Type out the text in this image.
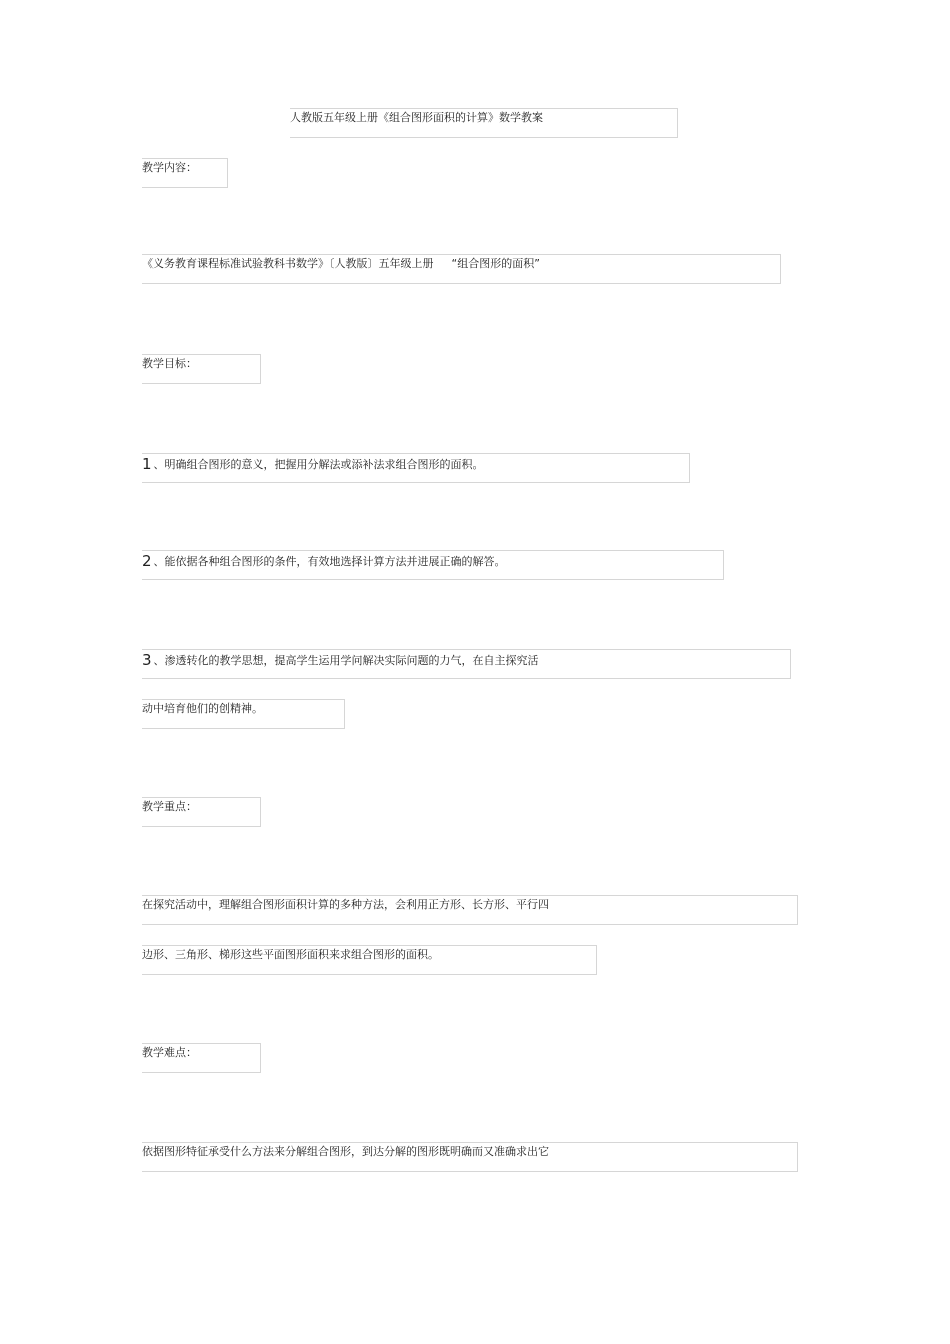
人教版五年级上册《组合图形面积的计算》数学教案
教学内容：
《义务教育课程标准试验教科书数学》〔人教版〕五年级上册 “组合图形的面积”
教学目标：
1 、明确组合图形的意义，把握用分解法或添补法求组合图形的面积。
2 、能依据各种组合图形的条件，有效地选择计算方法并进展正确的解答。
3 、渗透转化的教学思想，提高学生运用学问解决实际问题的力气，在自主探究活
动中培育他们的创精神。
教学重点：
在探究活动中，理解组合图形面积计算的多种方法，会利用正方形、长方形、平行四
边形、三角形、梯形这些平面图形面积来求组合图形的面积。
教学难点：
依据图形特征承受什么方法来分解组合图形，到达分解的图形既明确而又准确求出它
